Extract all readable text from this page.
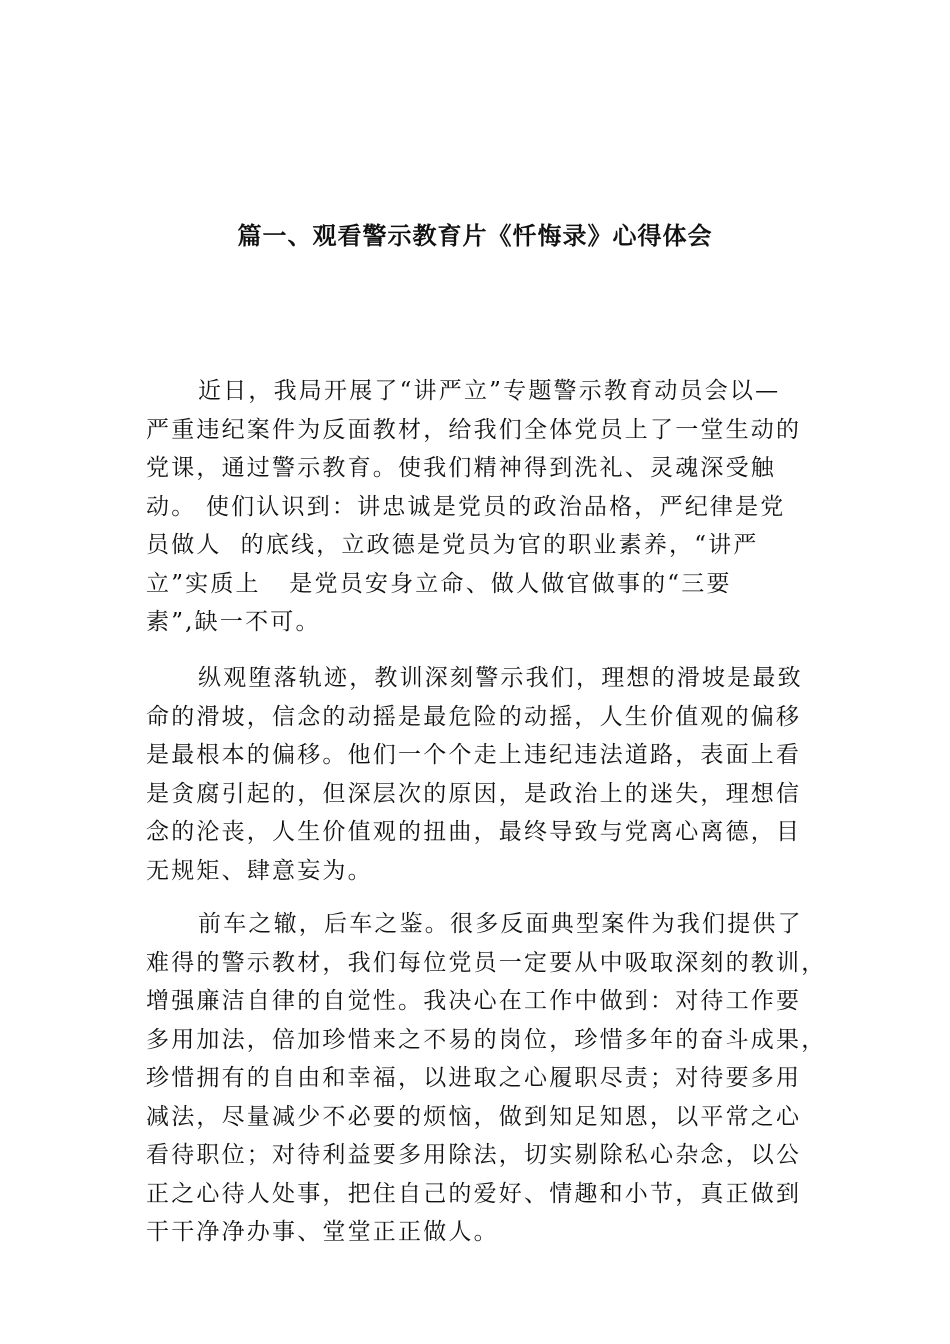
篇一、观看警示教育片《忏悔录》心得体会
近日，我局开展了“讲严立”专题警示教育动员会以—
严重违纪案件为反面教材，给我们全体党员上了一堂生动的
党课，通过警示教育。使我们精神得到洗礼、灵魂深受触
动。 使们认识到：讲忠诚是党员的政治品格，严纪律是党
员做人  的底线，立政德是党员为官的职业素养，“讲严
立”实质上   是党员安身立命、做人做官做事的“三要
素”,缺一不可。
纵观堕落轨迹，教训深刻警示我们，理想的滑坡是最致
命的滑坡，信念的动摇是最危险的动摇，人生价值观的偏移
是最根本的偏移。他们一个个走上违纪违法道路，表面上看
是贪腐引起的，但深层次的原因，是政治上的迷失，理想信
念的沦丧，人生价值观的扭曲，最终导致与党离心离德，目
无规矩、肆意妄为。
前车之辙，后车之鉴。很多反面典型案件为我们提供了
难得的警示教材，我们每位党员一定要从中吸取深刻的教训，
增强廉洁自律的自觉性。我决心在工作中做到：对待工作要
多用加法，倍加珍惜来之不易的岗位，珍惜多年的奋斗成果，
珍惜拥有的自由和幸福，以进取之心履职尽责；对待要多用
减法，尽量减少不必要的烦恼，做到知足知恩，以平常之心
看待职位；对待利益要多用除法，切实剔除私心杂念，以公
正之心待人处事，把住自己的爱好、情趣和小节，真正做到
干干净净办事、堂堂正正做人。
